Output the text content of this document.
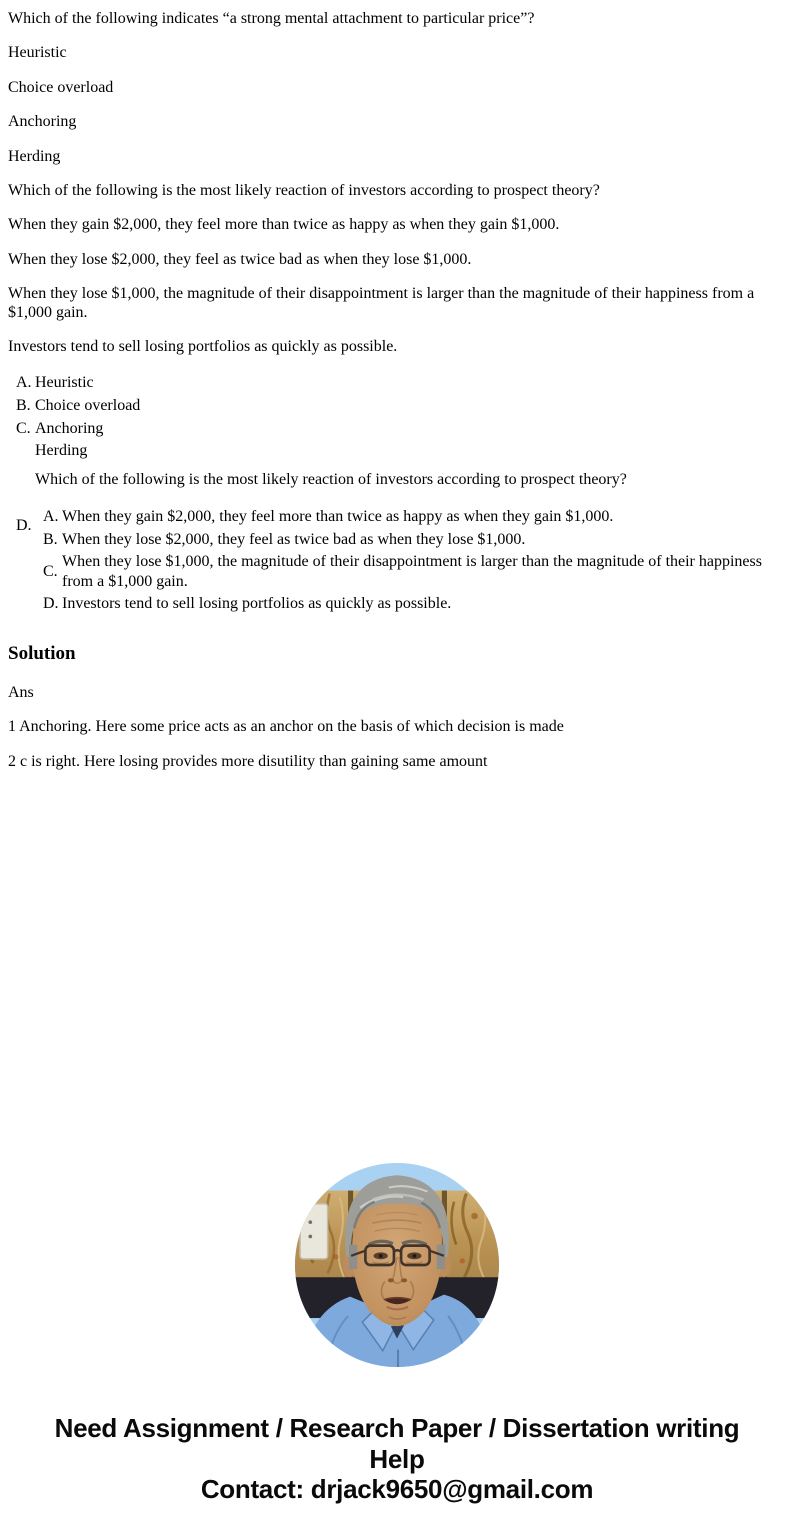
Which of the following indicates “a strong mental attachment to particular price”?

Heuristic

Choice overload

Anchoring

Herding

Which of the following is the most likely reaction of investors according to prospect theory?

When they gain $2,000, they feel more than twice as happy as when they gain $1,000.

When they lose $2,000, they feel as twice bad as when they lose $1,000.

When they lose $1,000, the magnitude of their disappointment is larger than the magnitude of their happiness from a $1,000 gain.

Investors tend to sell losing portfolios as quickly as possible.

A. Heuristic
B. Choice overload
C. Anchoring
Herding

Which of the following is the most likely reaction of investors according to prospect theory?

D.
A. When they gain $2,000, they feel more than twice as happy as when they gain $1,000.
B. When they lose $2,000, they feel as twice bad as when they lose $1,000.
C.
When they lose $1,000, the magnitude of their disappointment is larger than the magnitude of their happiness from a $1,000 gain.
D. Investors tend to sell losing portfolios as quickly as possible.
Solution

Ans

1 Anchoring. Here some price acts as an anchor on the basis of which decision is made

2 c is right. Here losing provides more disutility than gaining same amount

Need Assignment / Research Paper / Dissertation writing Help
Contact: drjack9650@gmail.com
